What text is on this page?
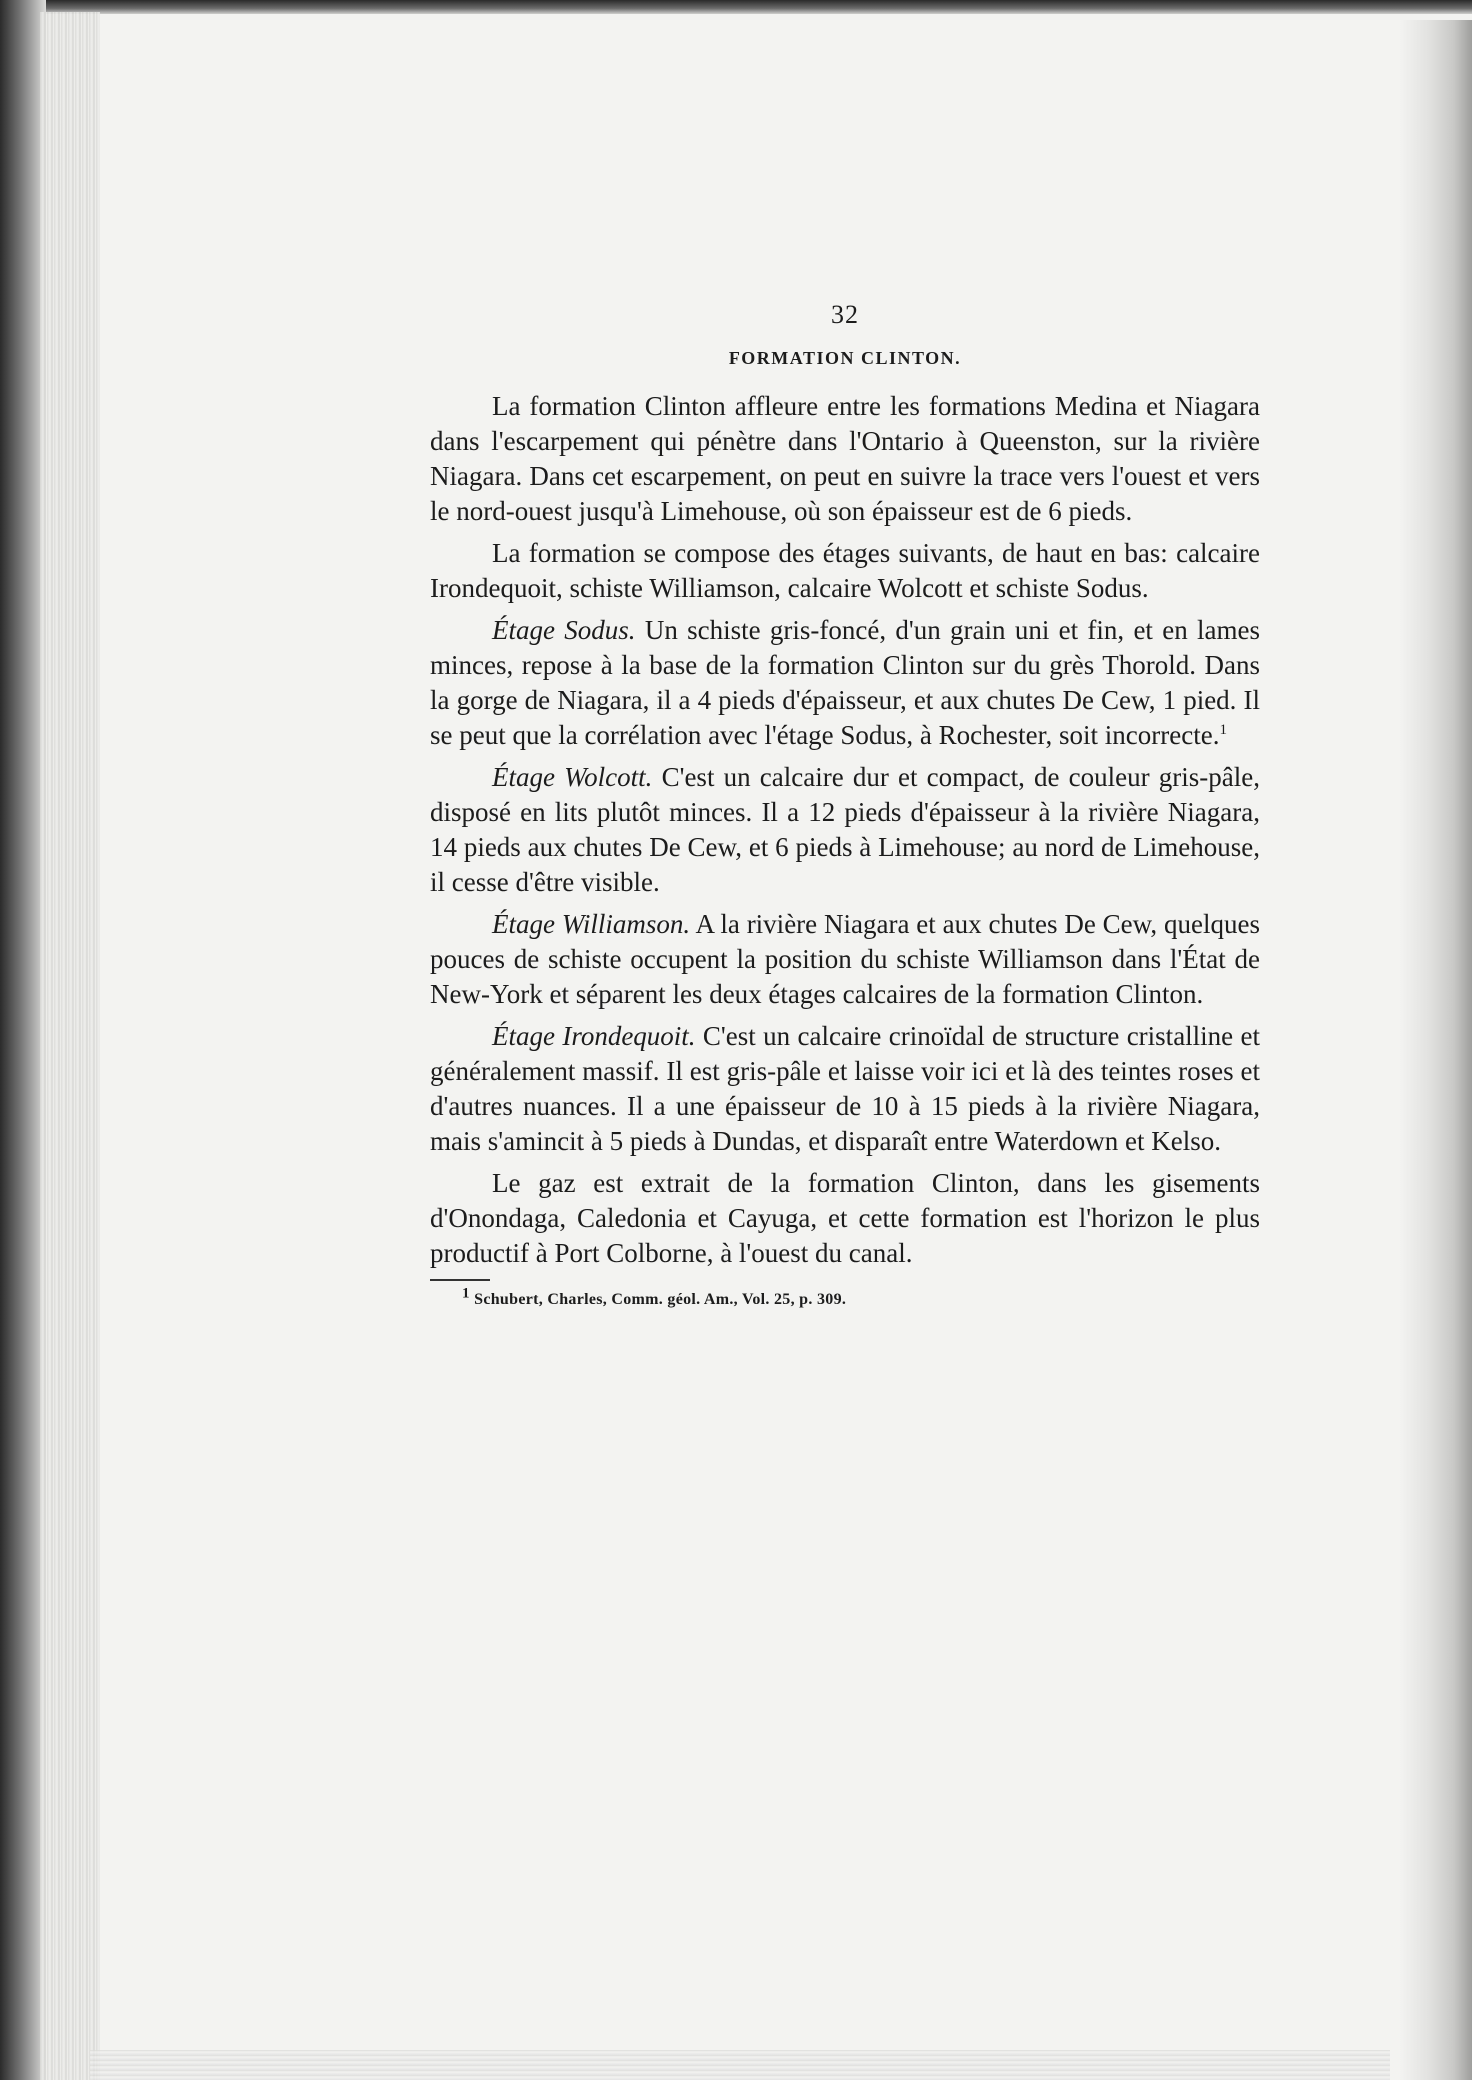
32
FORMATION CLINTON.

La formation Clinton affleure entre les formations Medina et Niagara dans l'escarpement qui pénètre dans l'Ontario à Queenston, sur la rivière Niagara. Dans cet escarpement, on peut en suivre la trace vers l'ouest et vers le nord-ouest jusqu'à Limehouse, où son épaisseur est de 6 pieds.

La formation se compose des étages suivants, de haut en bas: calcaire Irondequoit, schiste Williamson, calcaire Wolcott et schiste Sodus.

Étage Sodus. Un schiste gris-foncé, d'un grain uni et fin, et en lames minces, repose à la base de la formation Clinton sur du grès Thorold. Dans la gorge de Niagara, il a 4 pieds d'épaisseur, et aux chutes De Cew, 1 pied. Il se peut que la corrélation avec l'étage Sodus, à Rochester, soit incorrecte.$^1$

Étage Wolcott. C'est un calcaire dur et compact, de couleur gris-pâle, disposé en lits plutôt minces. Il a 12 pieds d'épaisseur à la rivière Niagara, 14 pieds aux chutes De Cew, et 6 pieds à Limehouse; au nord de Limehouse, il cesse d'être visible.

Étage Williamson. A la rivière Niagara et aux chutes De Cew, quelques pouces de schiste occupent la position du schiste Williamson dans l'État de New-York et séparent les deux étages calcaires de la formation Clinton.

Étage Irondequoit. C'est un calcaire crinoïdal de structure cristalline et généralement massif. Il est gris-pâle et laisse voir ici et là des teintes roses et d'autres nuances. Il a une épaisseur de 10 à 15 pieds à la rivière Niagara, mais s'amincit à 5 pieds à Dundas, et disparaît entre Waterdown et Kelso.

Le gaz est extrait de la formation Clinton, dans les gisements d'Onondaga, Caledonia et Cayuga, et cette formation est l'horizon le plus productif à Port Colborne, à l'ouest du canal.

$^1$ Schubert, Charles, Comm. géol. Am., Vol. 25, p. 309.
